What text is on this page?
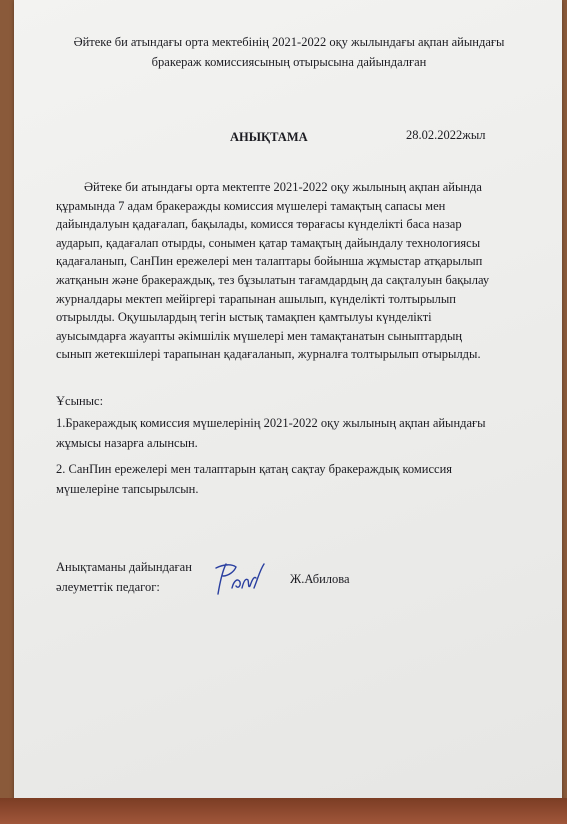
Әйтеке би атындағы орта мектебінің 2021-2022 оқу жылындағы ақпан айындағы
бракераж комиссиясының отырысына дайындалған
АНЫҚТАМА	28.02.2022жыл
Әйтеке би атындағы орта мектепте 2021-2022 оқу жылының ақпан айында
құрамында 7 адам бракеражды комиссия мүшелері тамақтың сапасы мен
дайындалуын қадағалап, бақылады, комисся төрағасы күнделікті баса назар
аударып, қадағалап отырды, сонымен қатар тамақтың дайындалу технологиясы
қадағаланып, СанПин ережелері мен талаптары бойынша жұмыстар атқарылып
жатқанын және бракераждық, тез бұзылатын тағамдардың да сақталуын бақылау
журналдары мектеп мейіргері тарапынан ашылып, күнделікті толтырылып
отырылды. Оқушылардың тегін ыстық тамақпен қамтылуы күнделікті
ауысымдарға жауапты әкімшілік мүшелері мен тамақтанатын сыныптардың
сынып жетекшілері тарапынан қадағаланып, журналға толтырылып отырылды.
Ұсыныс:
1.Бракераждық комиссия мүшелерінің 2021-2022 оқу жылының ақпан айындағы
жұмысы назарға алынсын.
2. СанПин ережелері мен талаптарын қатаң сақтау бракераждық комиссия
мүшелеріне тапсырылсын.
Анықтаманы дайындаған
әлеуметтік педагог:
Ж.Абилова
